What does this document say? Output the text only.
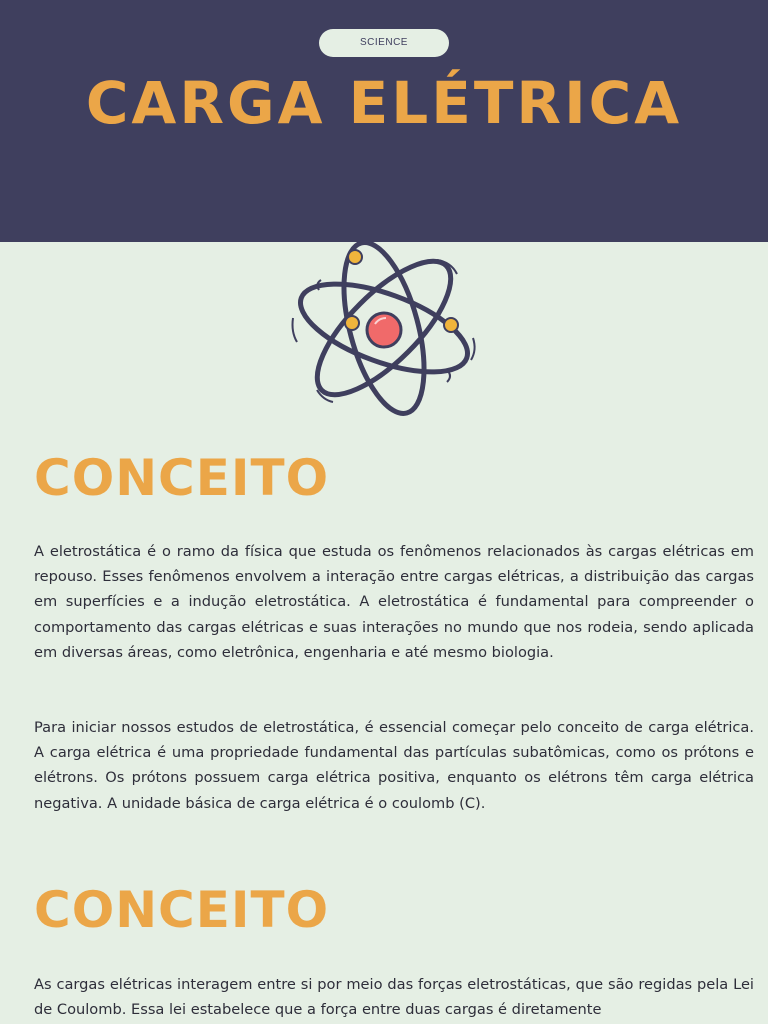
SCIENCE
CARGA ELÉTRICA
CONCEITO

A eletrostática é o ramo da física que estuda os fenômenos relacionados às cargas elétricas em repouso. Esses fenômenos envolvem a interação entre cargas elétricas, a distribuição das cargas em superfícies e a indução eletrostática. A eletrostática é fundamental para compreender o comportamento das cargas elétricas e suas interações no mundo que nos rodeia, sendo aplicada em diversas áreas, como eletrônica, engenharia e até mesmo biologia.

Para iniciar nossos estudos de eletrostática, é essencial começar pelo conceito de carga elétrica. A carga elétrica é uma propriedade fundamental das partículas subatômicas, como os prótons e elétrons. Os prótons possuem carga elétrica positiva, enquanto os elétrons têm carga elétrica negativa. A unidade básica de carga elétrica é o coulomb (C).

CONCEITO

As cargas elétricas interagem entre si por meio das forças eletrostáticas, que são regidas pela Lei de Coulomb. Essa lei estabelece que a força entre duas cargas é diretamente
